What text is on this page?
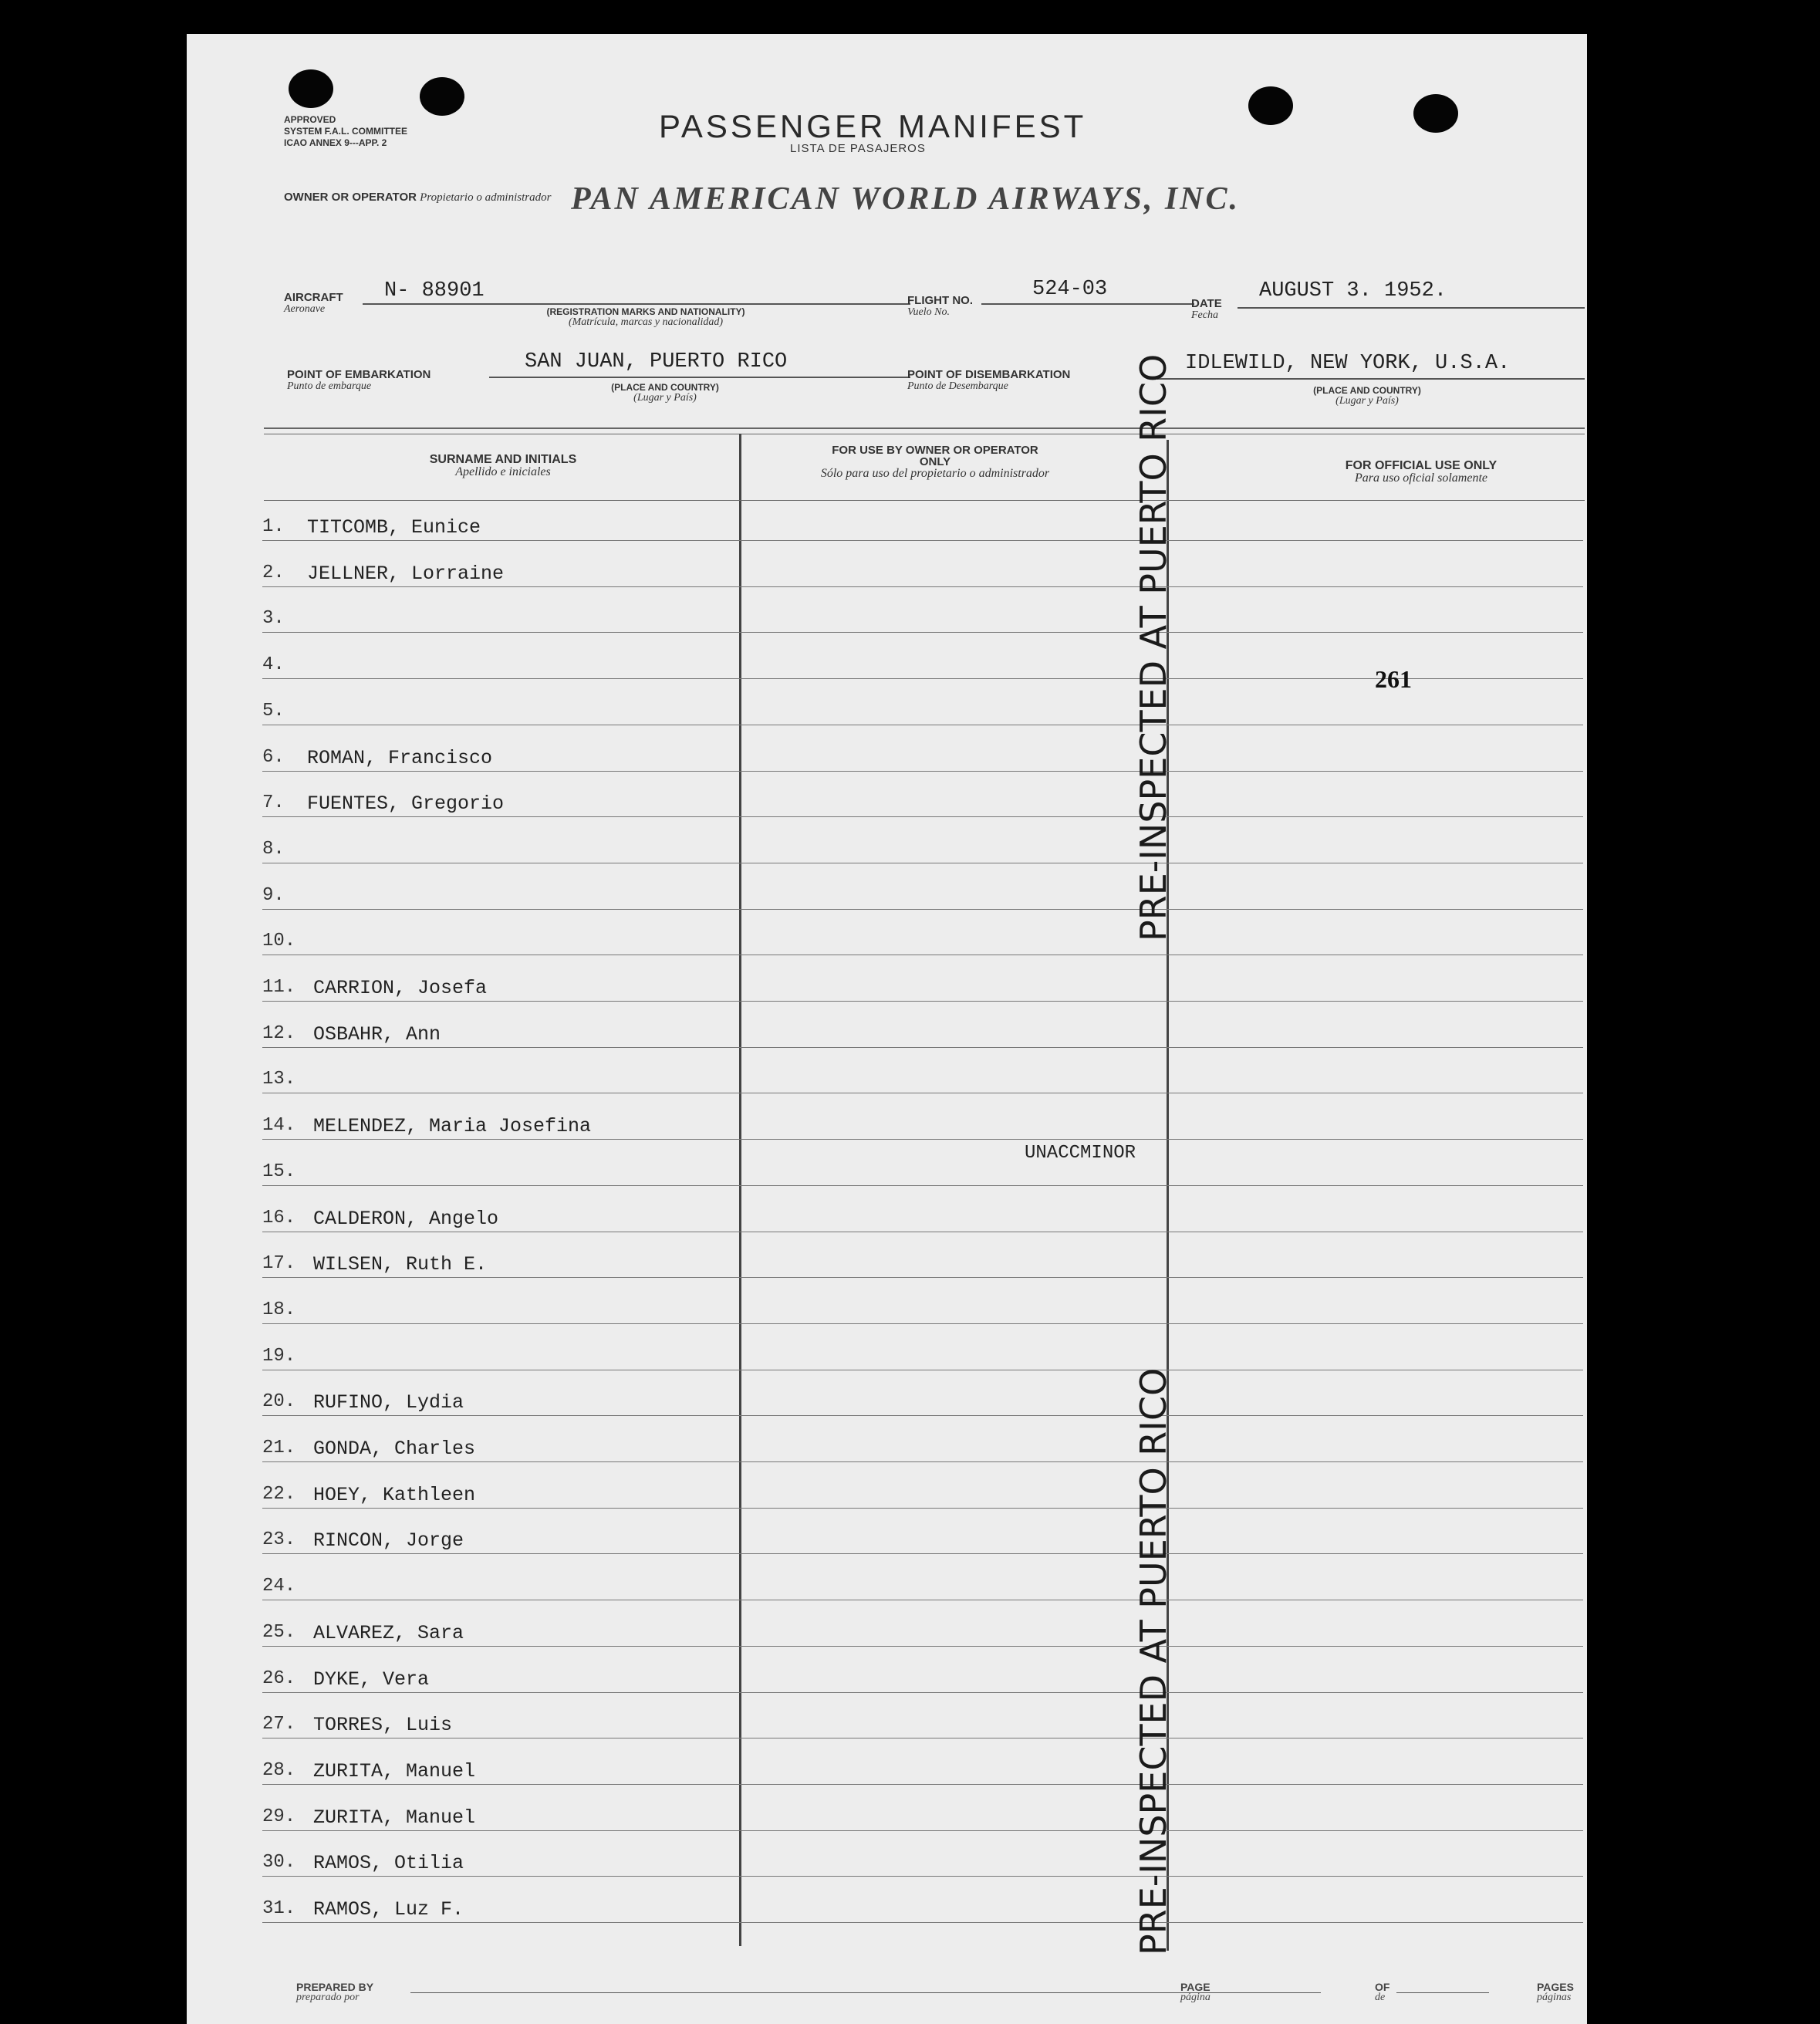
APPROVED
SYSTEM F.A.L. COMMITTEE
ICAO ANNEX 9---APP. 2	PASSENGER MANIFEST
LISTA DE PASAJEROS
OWNER OR OPERATOR Propietario o administrador PAN AMERICAN WORLD AIRWAYS, INC.
AIRCRAFT
Aeronave
N- 88901
(REGISTRATION MARKS AND NATIONALITY)
(Matrícula, marcas y nacionalidad)
FLIGHT NO.
Vuelo No.
524-03
DATE
Fecha
AUGUST 3. 1952.
POINT OF EMBARKATION
Punto de embarque
SAN JUAN, PUERTO RICO
(PLACE AND COUNTRY)
(Lugar y País)
POINT OF DISEMBARKATION
Punto de Desembarque
IDLEWILD, NEW YORK, U.S.A.
(PLACE AND COUNTRY)
(Lugar y País)
SURNAME AND INITIALS
Apellido e iniciales
FOR USE BY OWNER OR OPERATOR ONLY
Sólo para uso del propietario o administrador
FOR OFFICIAL USE ONLY
Para uso oficial solamente
1. TITCOMB, Eunice
2. JELLNER, Lorraine
3.
4.
5.
6. ROMAN, Francisco
7. FUENTES, Gregorio
8.
9.
10.
11. CARRION, Josefa
12. OSBAHR, Ann
13.
14. MELENDEZ, Maria Josefina
15.
UNACCMINOR
16. CALDERON, Angelo
17. WILSEN, Ruth E.
18.
19.
20. RUFINO, Lydia
21. GONDA, Charles
22. HOEY, Kathleen
23. RINCON, Jorge
24.
25. ALVAREZ, Sara
26. DYKE, Vera
27. TORRES, Luis
28. ZURITA, Manuel
29. ZURITA, Manuel
30. RAMOS, Otilia
31. RAMOS, Luz F.
PRE-INSPECTED AT PUERTO RICO
PRE-INSPECTED AT PUERTO RICO
261
PREPARED BY
preparado por
PAGE
página
OF
de
PAGES
páginas
